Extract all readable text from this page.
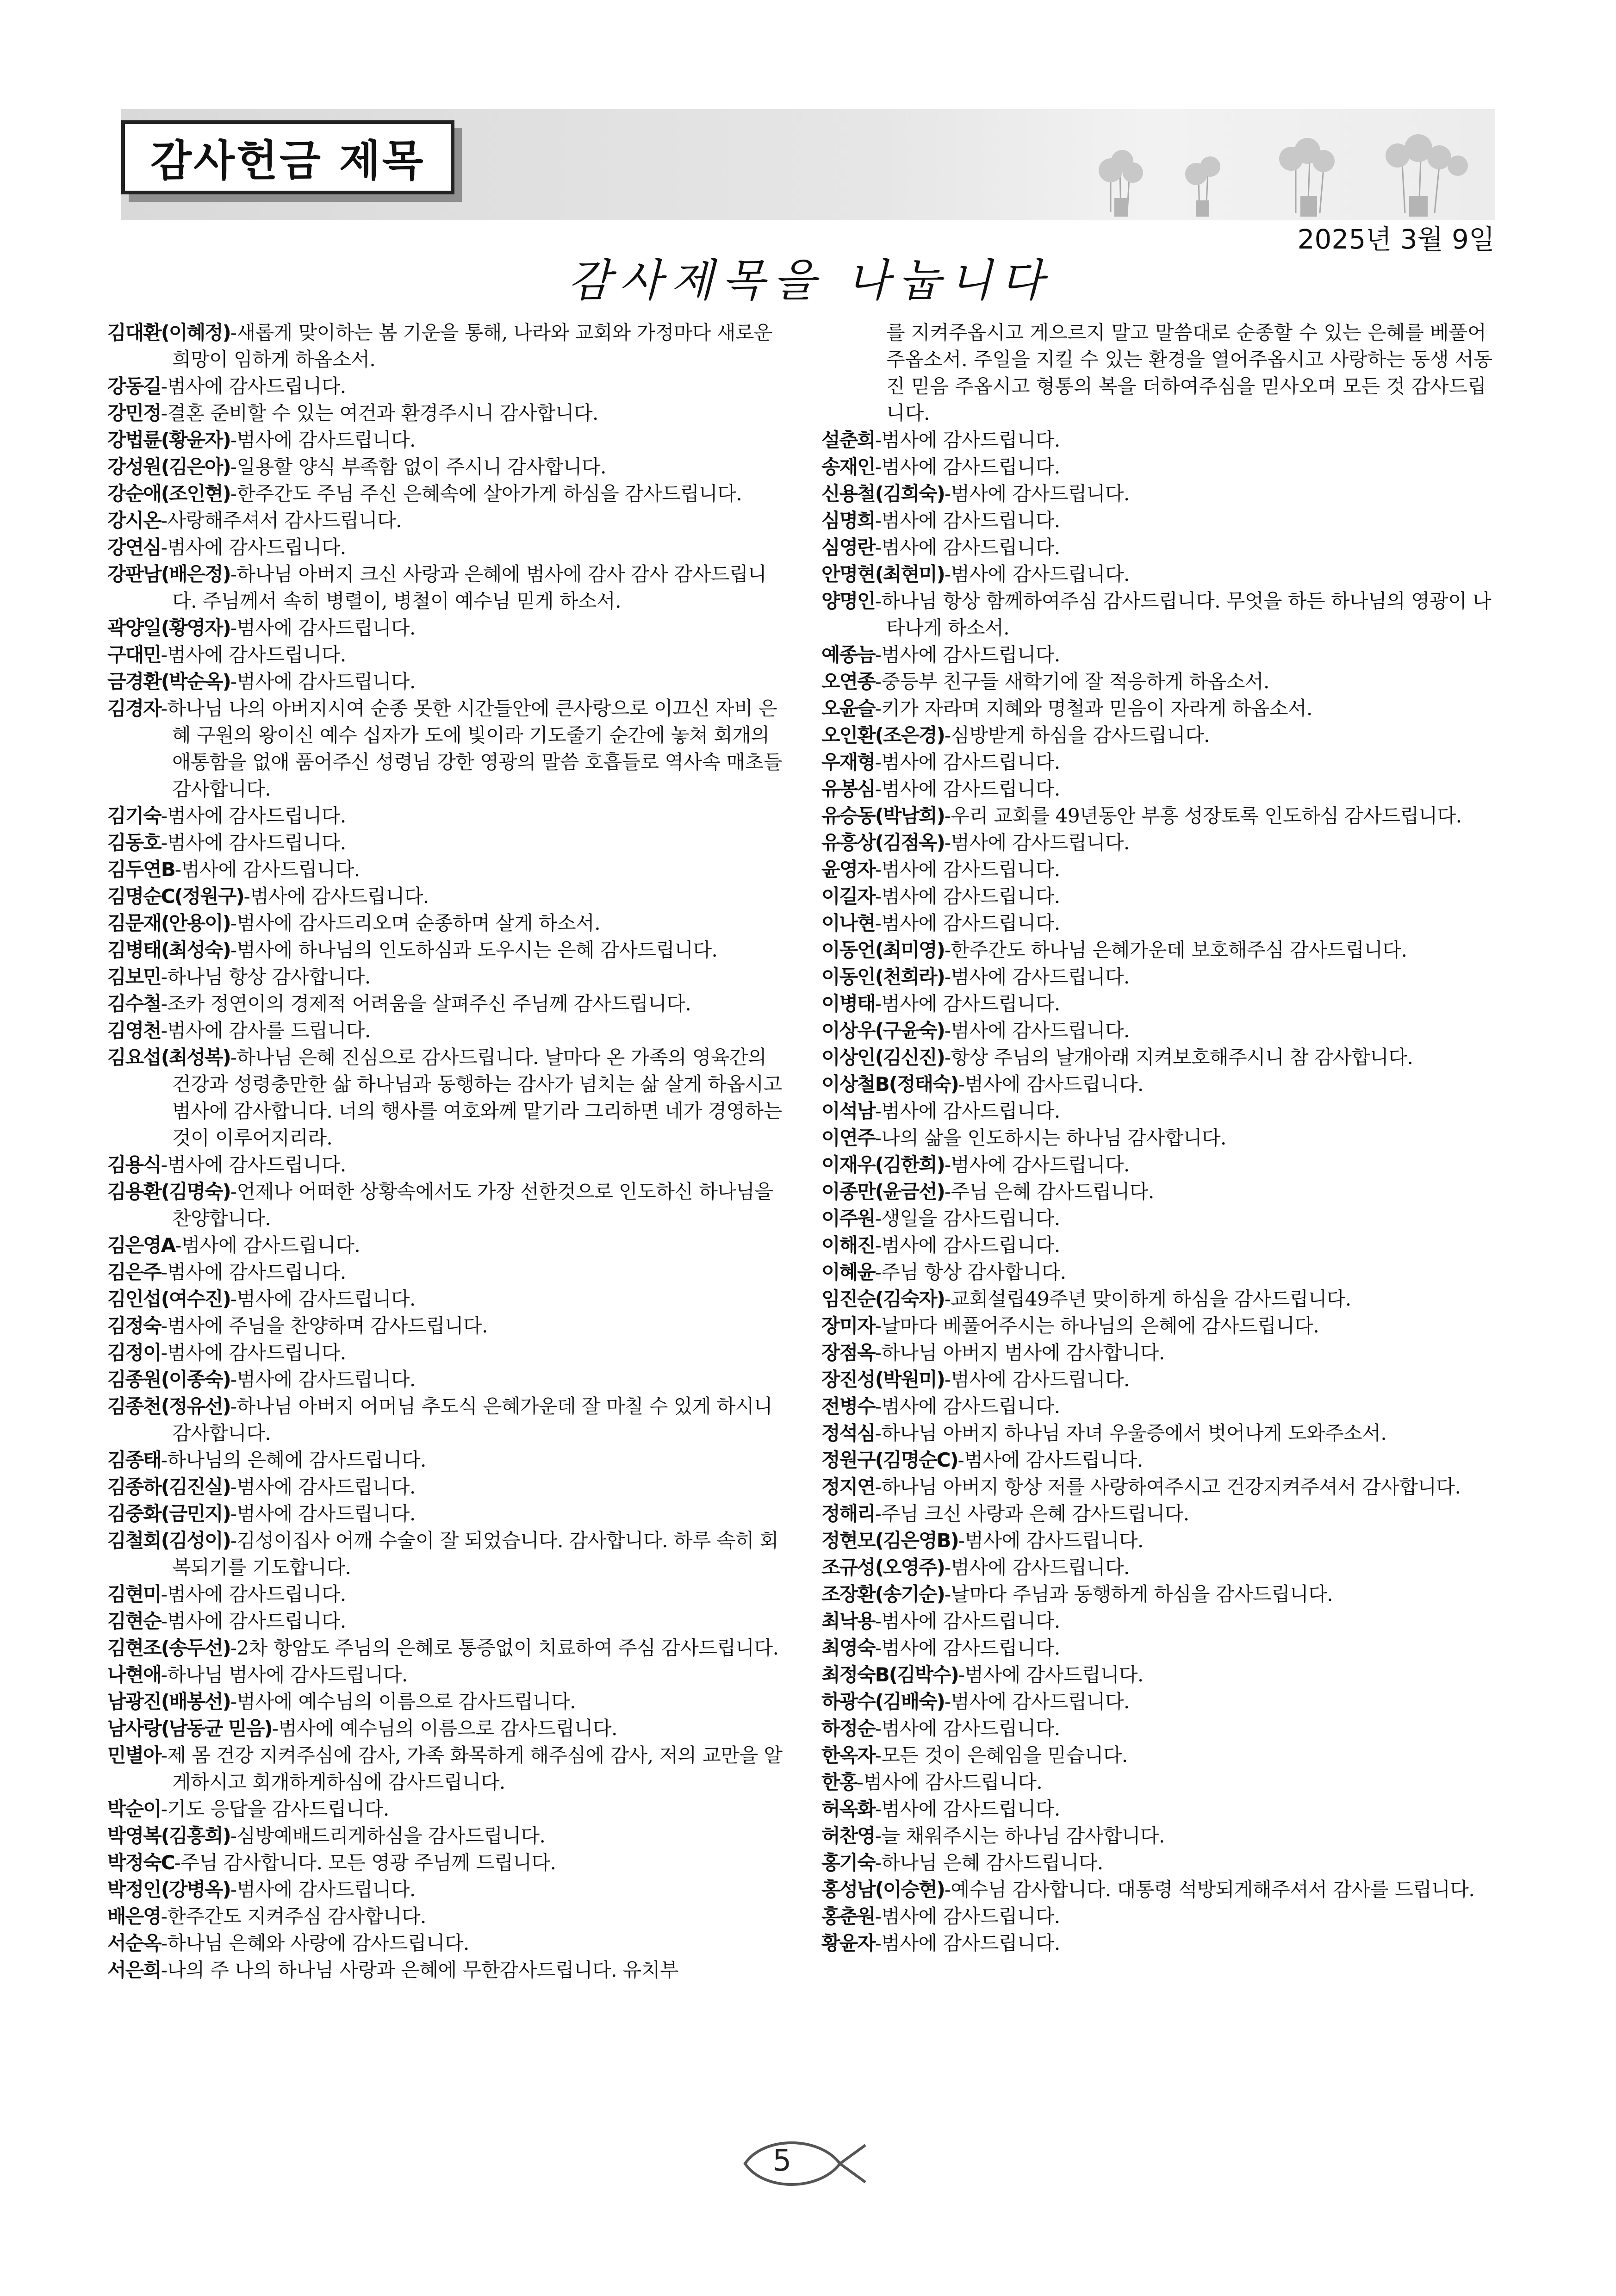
감사헌금 제목
2025년 3월 9일
감사제목을 나눕니다
김대환(이혜정)-새롭게 맞이하는 봄 기운을 통해, 나라와 교회와 가정마다 새로운 희망이 임하게 하옵소서.
강동길-범사에 감사드립니다.
강민정-결혼 준비할 수 있는 여건과 환경주시니 감사합니다.
강법륜(황윤자)-범사에 감사드립니다.
강성원(김은아)-일용할 양식 부족함 없이 주시니 감사합니다.
강순애(조인현)-한주간도 주님 주신 은혜속에 살아가게 하심을 감사드립니다.
강시온-사랑해주셔서 감사드립니다.
강연심-범사에 감사드립니다.
강판남(배은정)-하나님 아버지 크신 사랑과 은혜에 범사에 감사 감사 감사드립니다. 주님께서 속히 병렬이, 병철이 예수님 믿게 하소서.
곽양일(황영자)-범사에 감사드립니다.
구대민-범사에 감사드립니다.
금경환(박순옥)-범사에 감사드립니다.
김경자-하나님 나의 아버지시여 순종 못한 시간들안에 큰사랑으로 이끄신 자비 은혜 구원의 왕이신 예수 십자가 도에 빛이라 기도줄기 순간에 놓쳐 회개의 애통함을 없애 품어주신 성령님 강한 영광의 말씀 호흡들로 역사속 매초들 감사합니다.
김기숙-범사에 감사드립니다.
김동호-범사에 감사드립니다.
김두연B-범사에 감사드립니다.
김명순C(정원구)-범사에 감사드립니다.
김문재(안용이)-범사에 감사드리오며 순종하며 살게 하소서.
김병태(최성숙)-범사에 하나님의 인도하심과 도우시는 은혜 감사드립니다.
김보민-하나님 항상 감사합니다.
김수철-조카 정연이의 경제적 어려움을 살펴주신 주님께 감사드립니다.
김영천-범사에 감사를 드립니다.
김요섭(최성복)-하나님 은혜 진심으로 감사드립니다. 날마다 온 가족의 영육간의 건강과 성령충만한 삶 하나님과 동행하는 감사가 넘치는 삶 살게 하옵시고 범사에 감사합니다. 너의 행사를 여호와께 맡기라 그리하면 네가 경영하는 것이 이루어지리라.
김용식-범사에 감사드립니다.
김용환(김명숙)-언제나 어떠한 상황속에서도 가장 선한것으로 인도하신 하나님을 찬양합니다.
김은영A-범사에 감사드립니다.
김은주-범사에 감사드립니다.
김인섭(여수진)-범사에 감사드립니다.
김정숙-범사에 주님을 찬양하며 감사드립니다.
김정이-범사에 감사드립니다.
김종원(이종숙)-범사에 감사드립니다.
김종천(정유선)-하나님 아버지 어머님 추도식 은혜가운데 잘 마칠 수 있게 하시니 감사합니다.
김종태-하나님의 은혜에 감사드립니다.
김종하(김진실)-범사에 감사드립니다.
김중화(금민지)-범사에 감사드립니다.
김철회(김성이)-김성이집사 어깨 수술이 잘 되었습니다. 감사합니다. 하루 속히 회복되기를 기도합니다.
김현미-범사에 감사드립니다.
김현순-범사에 감사드립니다.
김현조(송두선)-2차 항암도 주님의 은혜로 통증없이 치료하여 주심 감사드립니다.
나현애-하나님 범사에 감사드립니다.
남광진(배봉선)-범사에 예수님의 이름으로 감사드립니다.
남사랑(남동균 믿음)-범사에 예수님의 이름으로 감사드립니다.
민별아-제 몸 건강 지켜주심에 감사, 가족 화목하게 해주심에 감사, 저의 교만을 알게하시고 회개하게하심에 감사드립니다.
박순이-기도 응답을 감사드립니다.
박영복(김흥희)-심방예배드리게하심을 감사드립니다.
박정숙C-주님 감사합니다. 모든 영광 주님께 드립니다.
박정인(강병옥)-범사에 감사드립니다.
배은영-한주간도 지켜주심 감사합니다.
서순옥-하나님 은혜와 사랑에 감사드립니다.
서은희-나의 주 나의 하나님 사랑과 은혜에 무한감사드립니다. 유치부
를 지켜주옵시고 게으르지 말고 말씀대로 순종할 수 있는 은혜를 베풀어주옵소서. 주일을 지킬 수 있는 환경을 열어주옵시고 사랑하는 동생 서동진 믿음 주옵시고 형통의 복을 더하여주심을 믿사오며 모든 것 감사드립니다.
설춘희-범사에 감사드립니다.
송재인-범사에 감사드립니다.
신용철(김희숙)-범사에 감사드립니다.
심명희-범사에 감사드립니다.
심영란-범사에 감사드립니다.
안명현(최현미)-범사에 감사드립니다.
양명인-하나님 항상 함께하여주심 감사드립니다. 무엇을 하든 하나님의 영광이 나타나게 하소서.
예종늠-범사에 감사드립니다.
오연종-중등부 친구들 새학기에 잘 적응하게 하옵소서.
오윤슬-키가 자라며 지혜와 명철과 믿음이 자라게 하옵소서.
오인환(조은경)-심방받게 하심을 감사드립니다.
우재형-범사에 감사드립니다.
유봉심-범사에 감사드립니다.
유승동(박남희)-우리 교회를 49년동안 부흥 성장토록 인도하심 감사드립니다.
유흥상(김점옥)-범사에 감사드립니다.
윤영자-범사에 감사드립니다.
이길자-범사에 감사드립니다.
이나현-범사에 감사드립니다.
이동언(최미영)-한주간도 하나님 은혜가운데 보호해주심 감사드립니다.
이동인(천희라)-범사에 감사드립니다.
이병태-범사에 감사드립니다.
이상우(구윤숙)-범사에 감사드립니다.
이상인(김신진)-항상 주님의 날개아래 지켜보호해주시니 참 감사합니다.
이상철B(정태숙)-범사에 감사드립니다.
이석남-범사에 감사드립니다.
이연주-나의 삶을 인도하시는 하나님 감사합니다.
이재우(김한희)-범사에 감사드립니다.
이종만(윤금선)-주님 은혜 감사드립니다.
이주원-생일을 감사드립니다.
이해진-범사에 감사드립니다.
이혜윤-주님 항상 감사합니다.
임진순(김숙자)-교회설립49주년 맞이하게 하심을 감사드립니다.
장미자-날마다 베풀어주시는 하나님의 은혜에 감사드립니다.
장점옥-하나님 아버지 범사에 감사합니다.
장진성(박원미)-범사에 감사드립니다.
전병수-범사에 감사드립니다.
정석심-하나님 아버지 하나님 자녀 우울증에서 벗어나게 도와주소서.
정원구(김명순C)-범사에 감사드립니다.
정지연-하나님 아버지 항상 저를 사랑하여주시고 건강지켜주셔서 감사합니다.
정해리-주님 크신 사랑과 은혜 감사드립니다.
정현모(김은영B)-범사에 감사드립니다.
조규성(오영주)-범사에 감사드립니다.
조장환(송기순)-날마다 주님과 동행하게 하심을 감사드립니다.
최낙용-범사에 감사드립니다.
최영숙-범사에 감사드립니다.
최정숙B(김박수)-범사에 감사드립니다.
하광수(김배숙)-범사에 감사드립니다.
하정순-범사에 감사드립니다.
한옥자-모든 것이 은혜임을 믿습니다.
한홍-범사에 감사드립니다.
허옥화-범사에 감사드립니다.
허찬영-늘 채워주시는 하나님 감사합니다.
홍기숙-하나님 은혜 감사드립니다.
홍성남(이승현)-예수님 감사합니다. 대통령 석방되게해주셔서 감사를 드립니다.
홍춘원-범사에 감사드립니다.
황윤자-범사에 감사드립니다.
5
